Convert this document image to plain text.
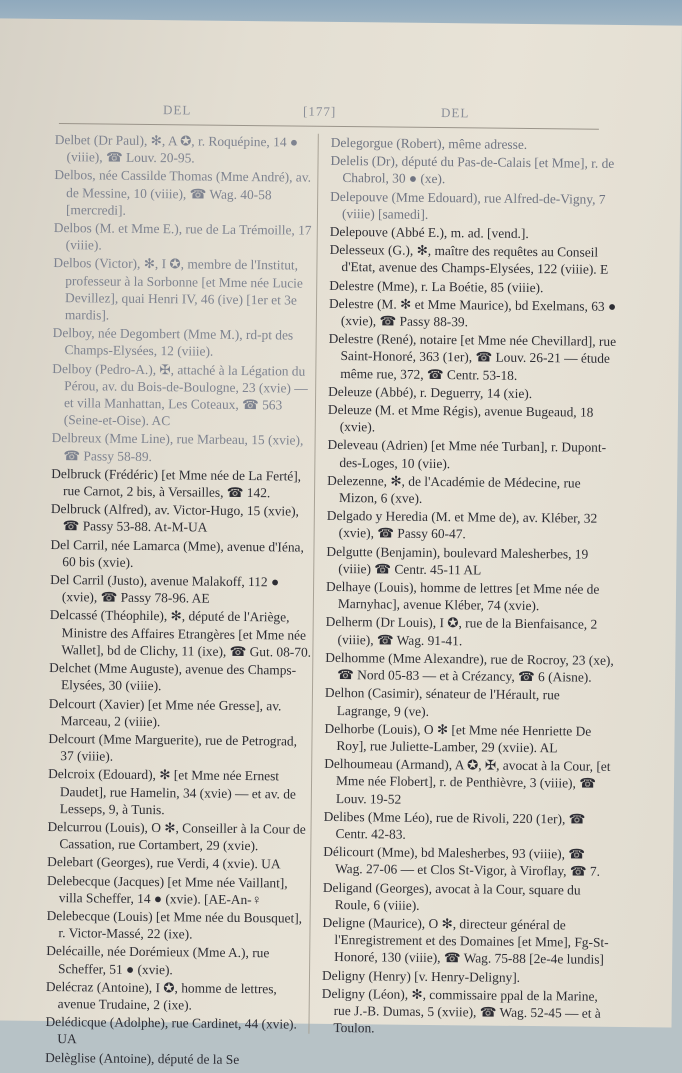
DEL	[177]	DEL
Delbet (Dr Paul), ✻, A ✪, r. Roquépine, 14 ● (viiie), ☎ Louv. 20-95.
Delbos, née Cassilde Thomas (Mme André), av. de Messine, 10 (viiie), ☎ Wag. 40-58 [mercredi].
Delbos (M. et Mme E.), rue de La Trémoille, 17 (viiie).
Delbos (Victor), ✻, I ✪, membre de l'Institut, professeur à la Sorbonne [et Mme née Lucie Devillez], quai Henri IV, 46 (ive) [1er et 3e mardis].
Delboy, née Degombert (Mme M.), rd-pt des Champs-Elysées, 12 (viiie).
Delboy (Pedro-A.), ✠, attaché à la Légation du Pérou, av. du Bois-de-Boulogne, 23 (xvie) — et villa Manhattan, Les Coteaux, ☎ 563 (Seine-et-Oise). AC
Delbreux (Mme Line), rue Marbeau, 15 (xvie), ☎ Passy 58-89.
Delbruck (Frédéric) [et Mme née de La Ferté], rue Carnot, 2 bis, à Versailles, ☎ 142.
Delbruck (Alfred), av. Victor-Hugo, 15 (xvie), ☎ Passy 53-88. At-M-UA
Del Carril, née Lamarca (Mme), avenue d'Iéna, 60 bis (xvie).
Del Carril (Justo), avenue Malakoff, 112 ● (xvie), ☎ Passy 78-96. AE
Delcassé (Théophile), ✻, député de l'Ariège, Ministre des Affaires Etrangères [et Mme née Wallet], bd de Clichy, 11 (ixe), ☎ Gut. 08-70.
Delchet (Mme Auguste), avenue des Champs-Elysées, 30 (viiie).
Delcourt (Xavier) [et Mme née Gresse], av. Marceau, 2 (viiie).
Delcourt (Mme Marguerite), rue de Petrograd, 37 (viiie).
Delcroix (Edouard), ✻ [et Mme née Ernest Daudet], rue Hamelin, 34 (xvie) — et av. de Lesseps, 9, à Tunis.
Delcurrou (Louis), O ✻, Conseiller à la Cour de Cassation, rue Cortambert, 29 (xvie).
Delebart (Georges), rue Verdi, 4 (xvie). UA
Delebecque (Jacques) [et Mme née Vaillant], villa Scheffer, 14 ● (xvie). [AE-An-♀
Delebecque (Louis) [et Mme née du Bousquet], r. Victor-Massé, 22 (ixe).
Delécaille, née Dorémieux (Mme A.), rue Scheffer, 51 ● (xvie).
Delécraz (Antoine), I ✪, homme de lettres, avenue Trudaine, 2 (ixe).
Delédicque (Adolphe), rue Cardinet, 44 (xvie). UA
Delèglise (Antoine), député de la Se
Delegorgue (Robert), même adresse.
Delelis (Dr), député du Pas-de-Calais [et Mme], r. de Chabrol, 30 ● (xe).
Delepouve (Mme Edouard), rue Alfred-de-Vigny, 7 (viiie) [samedi].
Delepouve (Abbé E.), m. ad. [vend.].
Delesseux (G.), ✻, maître des requêtes au Conseil d'Etat, avenue des Champs-Elysées, 122 (viiie). E
Delestre (Mme), r. La Boétie, 85 (viiie).
Delestre (M. ✻ et Mme Maurice), bd Exelmans, 63 ● (xvie), ☎ Passy 88-39.
Delestre (René), notaire [et Mme née Chevillard], rue Saint-Honoré, 363 (1er), ☎ Louv. 26-21 — étude même rue, 372, ☎ Centr. 53-18.
Deleuze (Abbé), r. Deguerry, 14 (xie).
Deleuze (M. et Mme Régis), avenue Bugeaud, 18 (xvie).
Deleveau (Adrien) [et Mme née Turban], r. Dupont-des-Loges, 10 (viie).
Delezenne, ✻, de l'Académie de Médecine, rue Mizon, 6 (xve).
Delgado y Heredia (M. et Mme de), av. Kléber, 32 (xvie), ☎ Passy 60-47.
Delgutte (Benjamin), boulevard Malesherbes, 19 (viiie) ☎ Centr. 45-11 AL
Delhaye (Louis), homme de lettres [et Mme née de Marnyhac], avenue Kléber, 74 (xvie).
Delherm (Dr Louis), I ✪, rue de la Bienfaisance, 2 (viiie), ☎ Wag. 91-41.
Delhomme (Mme Alexandre), rue de Rocroy, 23 (xe), ☎ Nord 05-83 — et à Crézancy, ☎ 6 (Aisne).
Delhon (Casimir), sénateur de l'Hérault, rue Lagrange, 9 (ve).
Delhorbe (Louis), O ✻ [et Mme née Henriette De Roy], rue Juliette-Lamber, 29 (xviie). AL
Delhoumeau (Armand), A ✪, ✠, avocat à la Cour, [et Mme née Flobert], r. de Penthièvre, 3 (viiie), ☎ Louv. 19-52
Delibes (Mme Léo), rue de Rivoli, 220 (1er), ☎ Centr. 42-83.
Délicourt (Mme), bd Malesherbes, 93 (viiie), ☎ Wag. 27-06 — et Clos St-Vigor, à Viroflay, ☎ 7.
Deligand (Georges), avocat à la Cour, square du Roule, 6 (viiie).
Deligne (Maurice), O ✻, directeur général de l'Enregistrement et des Domaines [et Mme], Fg-St-Honoré, 130 (viiie), ☎ Wag. 75-88 [2e-4e lundis]
Deligny (Henry) [v. Henry-Deligny].
Deligny (Léon), ✻, commissaire ppal de la Marine, rue J.-B. Dumas, 5 (xviie), ☎ Wag. 52-45 — et à Toulon.
